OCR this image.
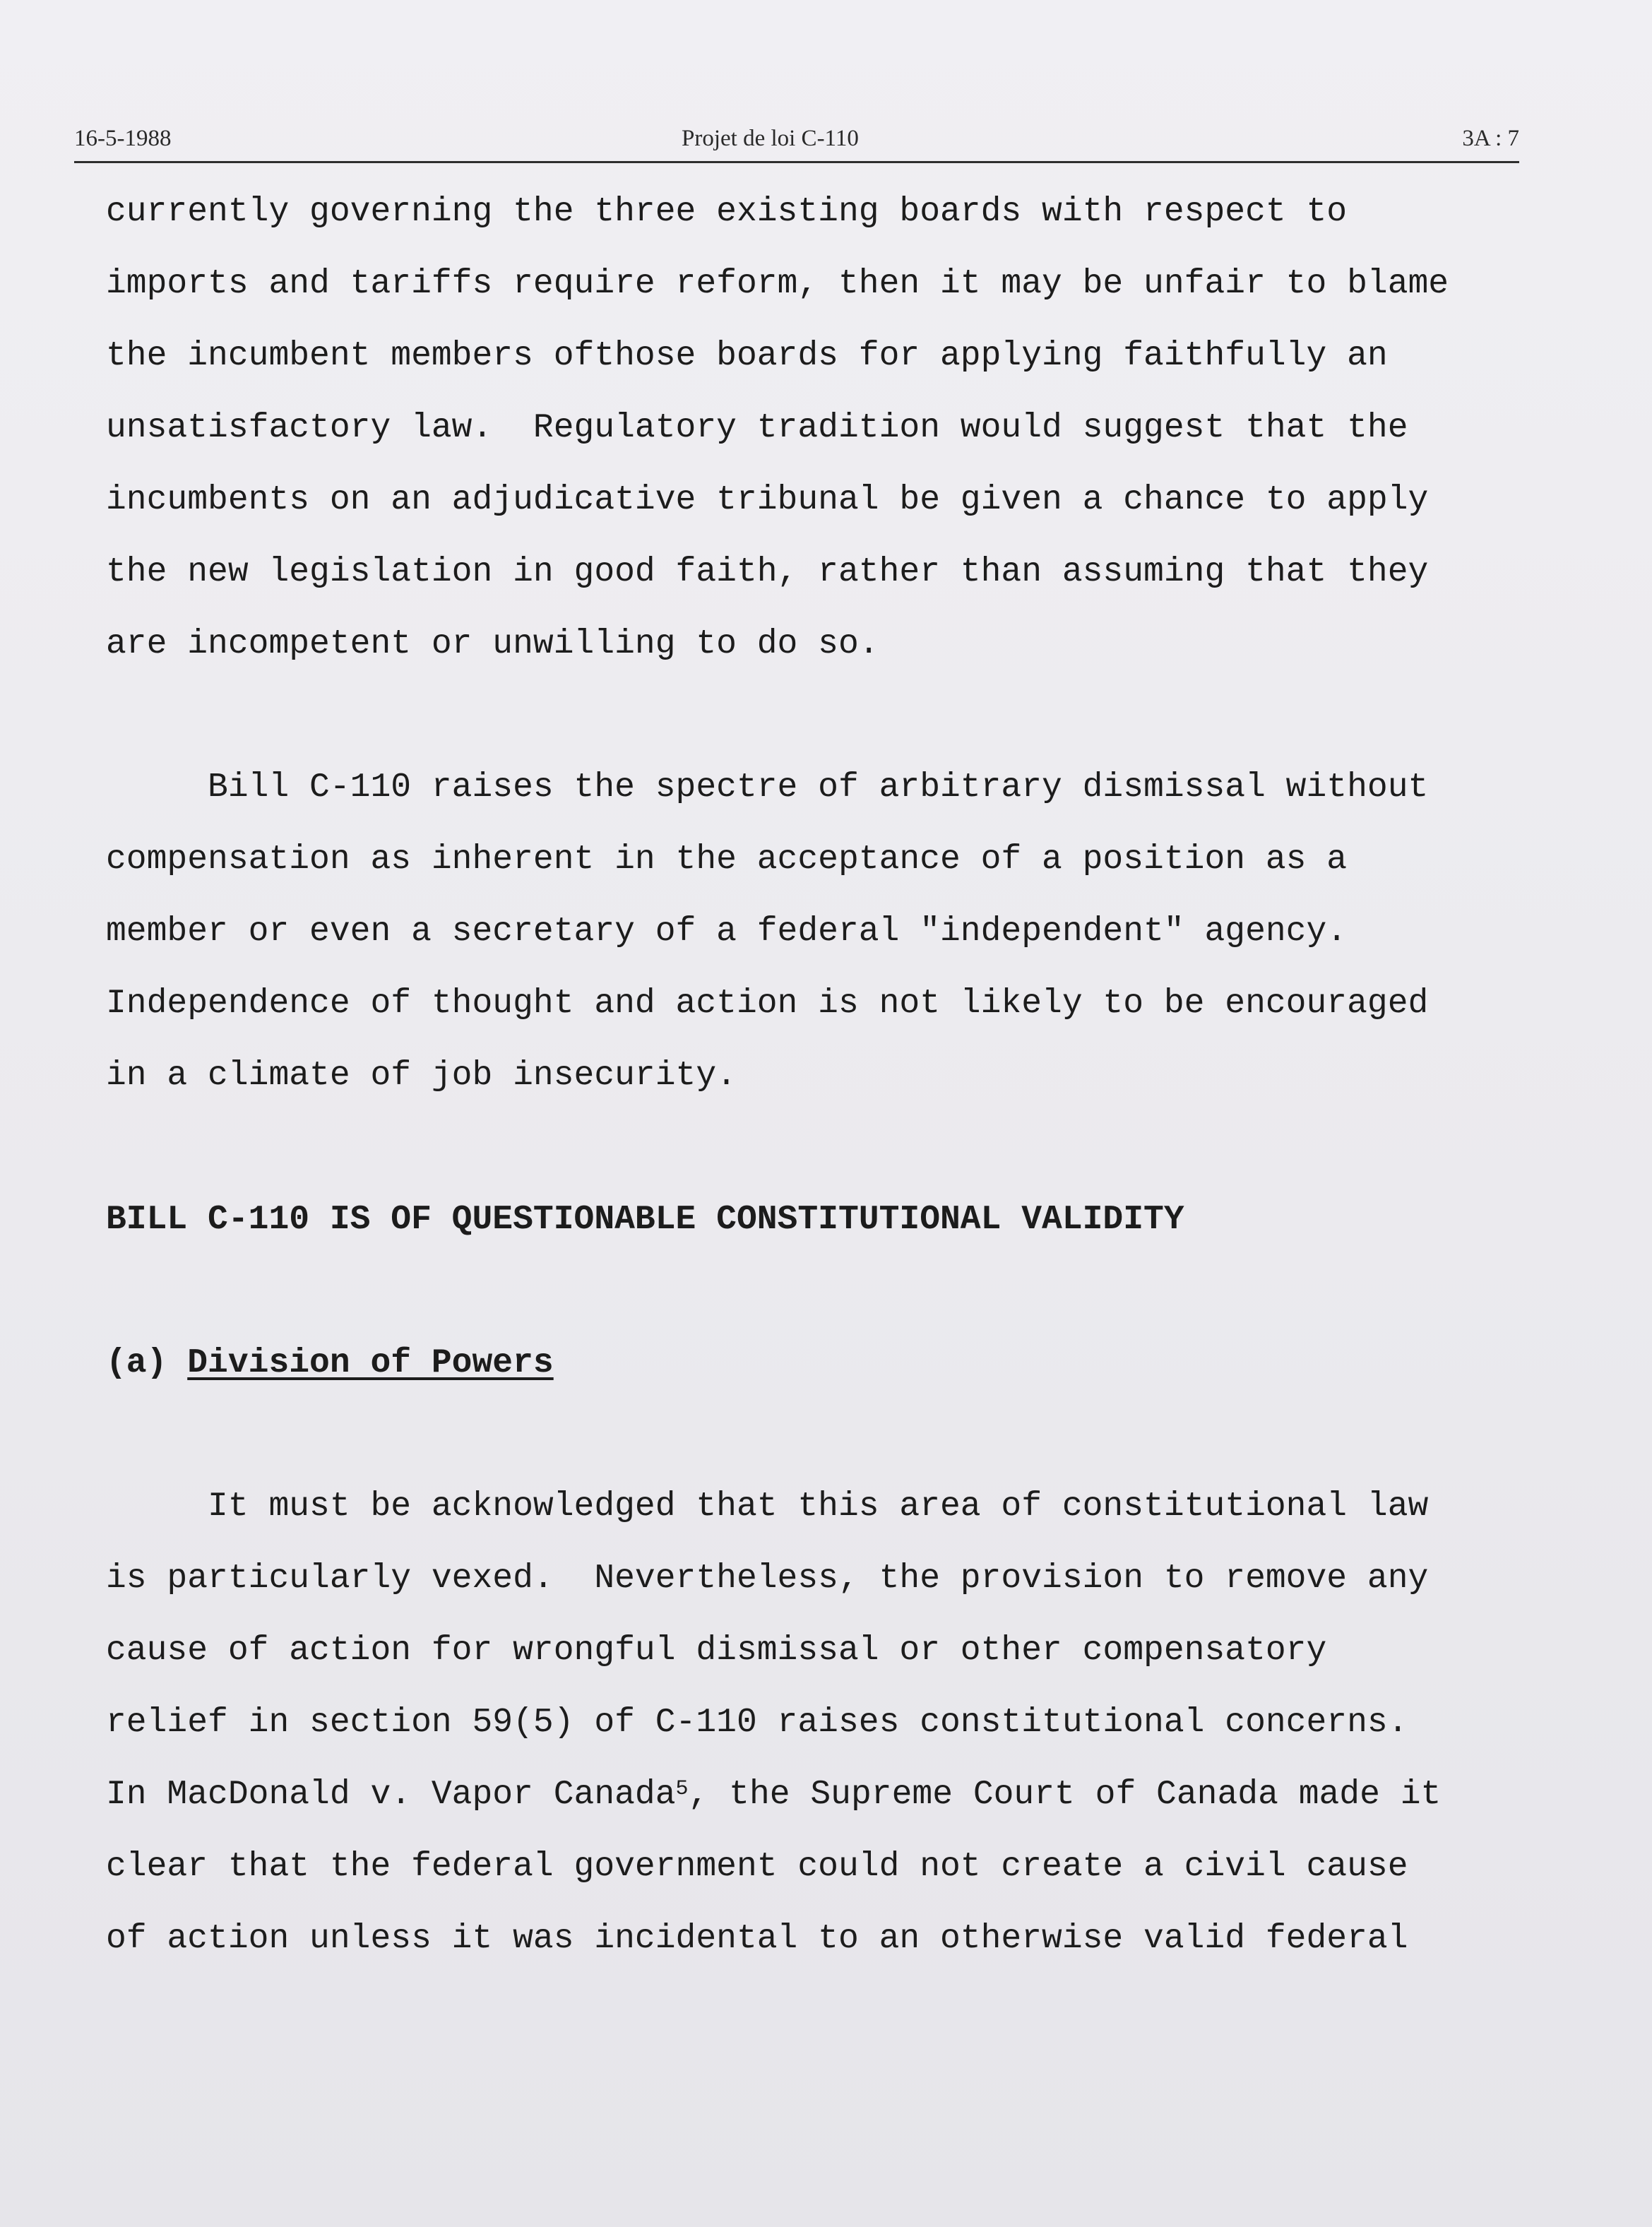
16-5-1988	Projet de loi C-110	3A : 7
currently governing the three existing boards with respect to
imports and tariffs require reform, then it may be unfair to blame
the incumbent members ofthose boards for applying faithfully an
unsatisfactory law.  Regulatory tradition would suggest that the
incumbents on an adjudicative tribunal be given a chance to apply
the new legislation in good faith, rather than assuming that they
are incompetent or unwilling to do so.
Bill C-110 raises the spectre of arbitrary dismissal without
compensation as inherent in the acceptance of a position as a
member or even a secretary of a federal "independent" agency.
Independence of thought and action is not likely to be encouraged
in a climate of job insecurity.
BILL C-110 IS OF QUESTIONABLE CONSTITUTIONAL VALIDITY
(a) Division of Powers
It must be acknowledged that this area of constitutional law
is particularly vexed.  Nevertheless, the provision to remove any
cause of action for wrongful dismissal or other compensatory
relief in section 59(5) of C-110 raises constitutional concerns.
In MacDonald v. Vapor Canada$^5$, the Supreme Court of Canada made it
clear that the federal government could not create a civil cause
of action unless it was incidental to an otherwise valid federal
